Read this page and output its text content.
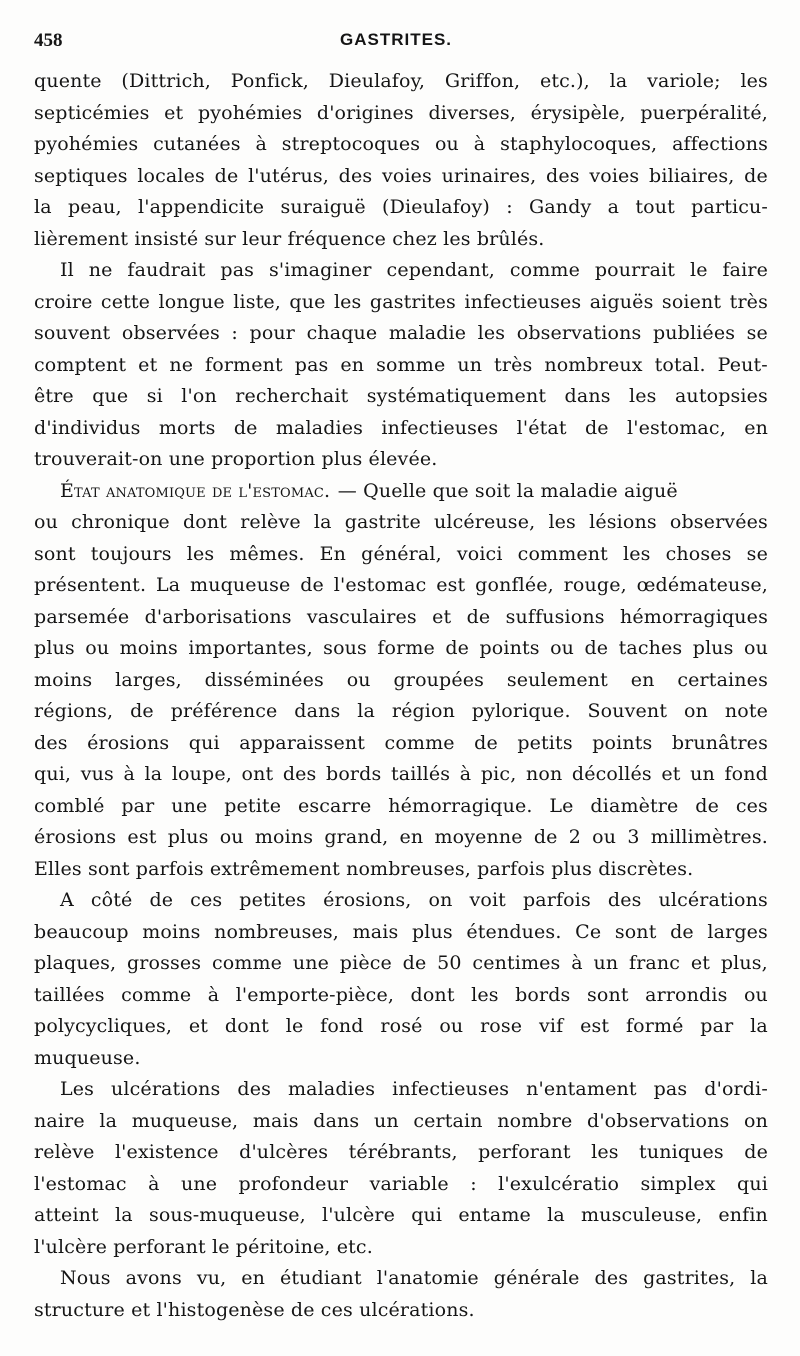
458	GASTRITES.
quente (Dittrich, Ponfick, Dieulafoy, Griffon, etc.), la variole; les
septicémies et pyohémies d'origines diverses, érysipèle, puerpéralité,
pyohémies cutanées à streptocoques ou à staphylocoques, affections
septiques locales de l'utérus, des voies urinaires, des voies biliaires, de
la peau, l'appendicite suraiguë (Dieulafoy) : Gandy a tout particu-
lièrement insisté sur leur fréquence chez les brûlés.
Il ne faudrait pas s'imaginer cependant, comme pourrait le faire
croire cette longue liste, que les gastrites infectieuses aiguës soient très
souvent observées : pour chaque maladie les observations publiées se
comptent et ne forment pas en somme un très nombreux total. Peut-
être que si l'on recherchait systématiquement dans les autopsies
d'individus morts de maladies infectieuses l'état de l'estomac, en
trouverait-on une proportion plus élevée.
État anatomique de l'estomac. — Quelle que soit la maladie aiguë
ou chronique dont relève la gastrite ulcéreuse, les lésions observées
sont toujours les mêmes. En général, voici comment les choses se
présentent. La muqueuse de l'estomac est gonflée, rouge, œdémateuse,
parsemée d'arborisations vasculaires et de suffusions hémorragiques
plus ou moins importantes, sous forme de points ou de taches plus ou
moins larges, disséminées ou groupées seulement en certaines
régions, de préférence dans la région pylorique. Souvent on note
des érosions qui apparaissent comme de petits points brunâtres
qui, vus à la loupe, ont des bords taillés à pic, non décollés et un fond
comblé par une petite escarre hémorragique. Le diamètre de ces
érosions est plus ou moins grand, en moyenne de 2 ou 3 millimètres.
Elles sont parfois extrêmement nombreuses, parfois plus discrètes.
A côté de ces petites érosions, on voit parfois des ulcérations
beaucoup moins nombreuses, mais plus étendues. Ce sont de larges
plaques, grosses comme une pièce de 50 centimes à un franc et plus,
taillées comme à l'emporte-pièce, dont les bords sont arrondis ou
polycycliques, et dont le fond rosé ou rose vif est formé par la
muqueuse.
Les ulcérations des maladies infectieuses n'entament pas d'ordi-
naire la muqueuse, mais dans un certain nombre d'observations on
relève l'existence d'ulcères térébrants, perforant les tuniques de
l'estomac à une profondeur variable : l'exulcératio simplex qui
atteint la sous-muqueuse, l'ulcère qui entame la musculeuse, enfin
l'ulcère perforant le péritoine, etc.
Nous avons vu, en étudiant l'anatomie générale des gastrites, la
structure et l'histogenèse de ces ulcérations.
